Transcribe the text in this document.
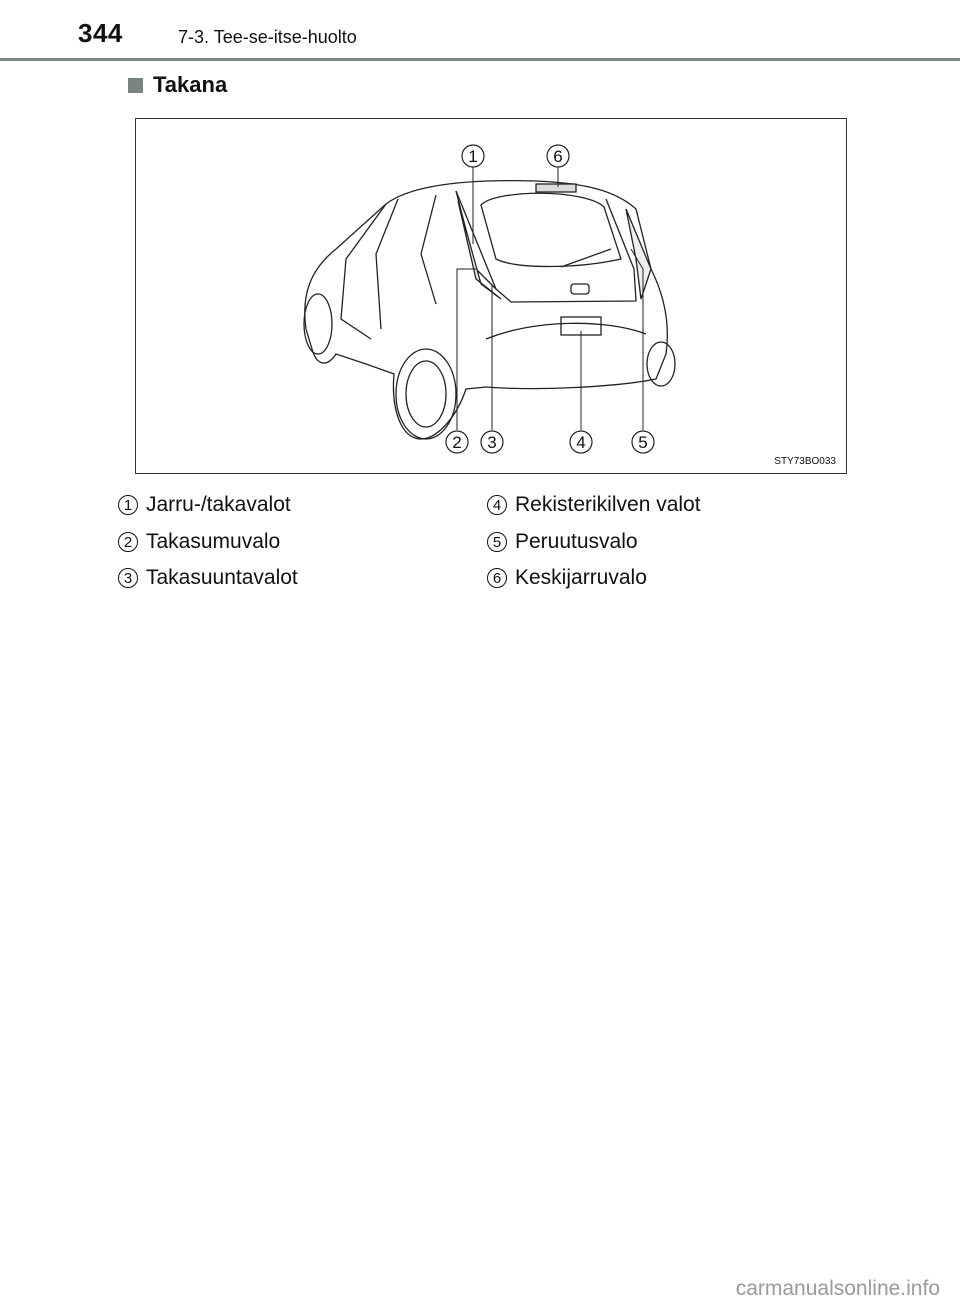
344	7-3. Tee-se-itse-huolto
Takana
1	6
2 3	4	5
STY73BO033
1 Jarru-/takavalot
2 Takasumuvalo
3 Takasuuntavalot
4 Rekisterikilven valot
5 Peruutusvalo
6 Keskijarruvalo
carmanualsonline.info
